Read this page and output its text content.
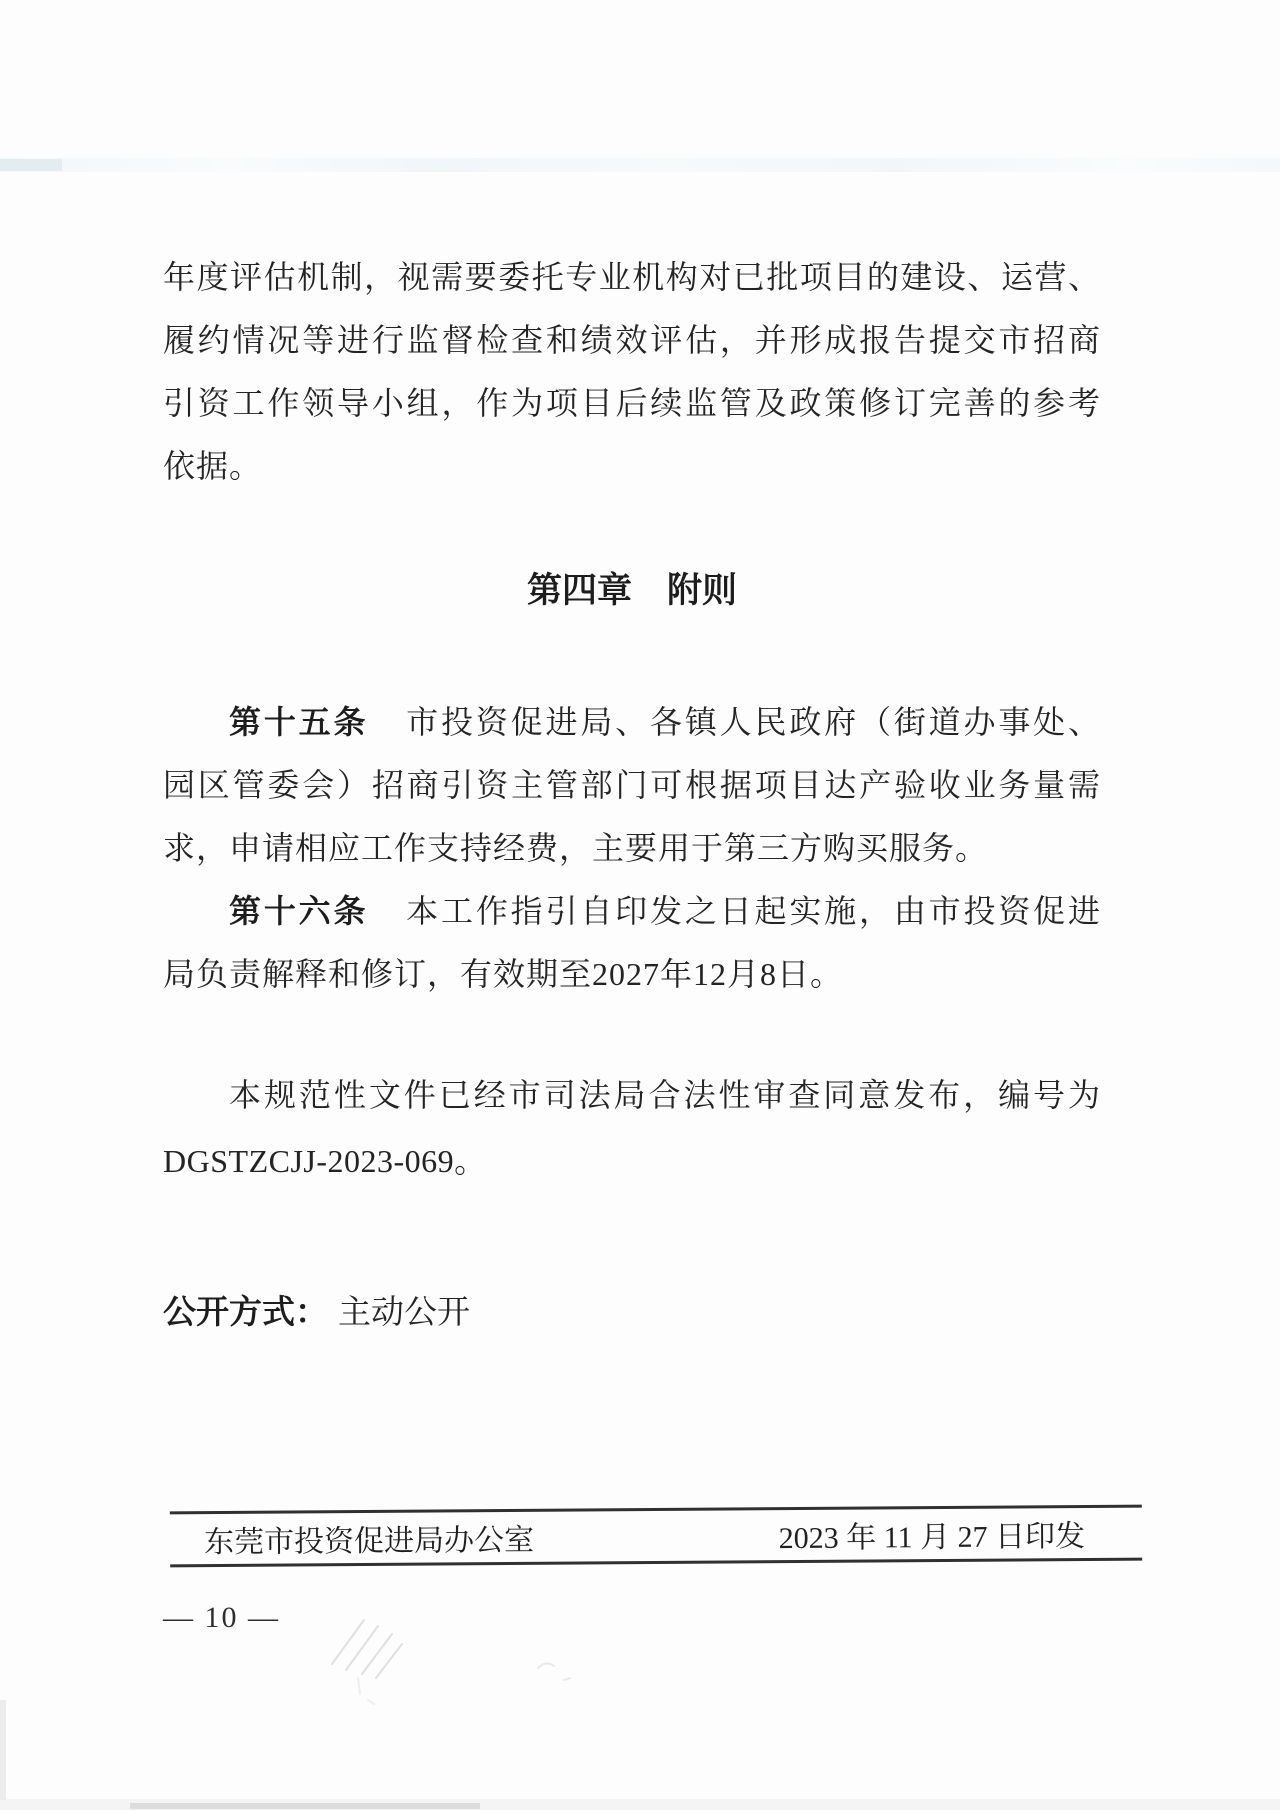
年度评估机制，视需要委托专业机构对已批项目的建设、运营、
履约情况等进行监督检查和绩效评估，并形成报告提交市招商
引资工作领导小组，作为项目后续监管及政策修订完善的参考
依据。
第四章　附则
第十五条 市投资促进局、各镇人民政府（街道办事处、
园区管委会）招商引资主管部门可根据项目达产验收业务量需
求，申请相应工作支持经费，主要用于第三方购买服务。
第十六条 本工作指引自印发之日起实施，由市投资促进
局负责解释和修订，有效期至2027年12月8日。
本规范性文件已经市司法局合法性审查同意发布，编号为
DGSTZCJJ-2023-069。
公开方式： 主动公开
东莞市投资促进局办公室	2023 年 11 月 27 日印发
— 10 —
